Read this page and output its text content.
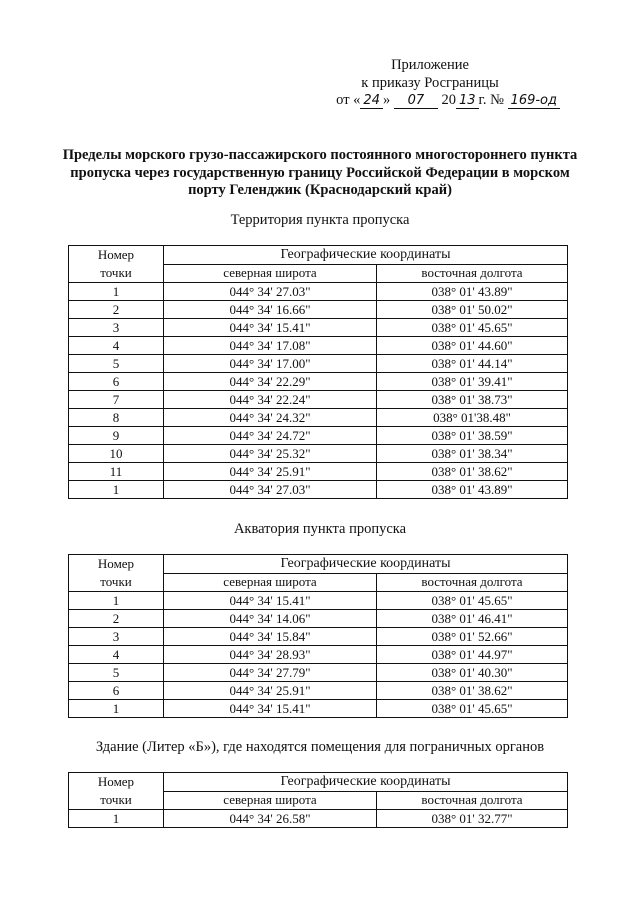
Приложение
к приказу Росграницы
от « 24 » 07 20 13 г. № 169-од
Пределы морского грузо-пассажирского постоянного многостороннего пункта пропуска через государственную границу Российской Федерации в морском порту Геленджик (Краснодарский край)
Территория пункта пропуска
Номер
точки	Географические координаты	
	северная широта	восточная долгота
1	044° 34' 27.03"	038° 01' 43.89"
2	044° 34' 16.66"	038° 01' 50.02"
3	044° 34' 15.41"	038° 01' 45.65"
4	044° 34' 17.08"	038° 01' 44.60"
5	044° 34' 17.00"	038° 01' 44.14"
6	044° 34' 22.29"	038° 01' 39.41"
7	044° 34' 22.24"	038° 01' 38.73"
8	044° 34' 24.32"	038° 01'38.48"
9	044° 34' 24.72"	038° 01' 38.59"
10	044° 34' 25.32"	038° 01' 38.34"
11	044° 34' 25.91"	038° 01' 38.62"
1	044° 34' 27.03"	038° 01' 43.89"
Акватория пункта пропуска
Номер
точки	Географические координаты	
	северная широта	восточная долгота
1	044° 34' 15.41"	038° 01' 45.65"
2	044° 34' 14.06"	038° 01' 46.41"
3	044° 34' 15.84"	038° 01' 52.66"
4	044° 34' 28.93"	038° 01' 44.97"
5	044° 34' 27.79"	038° 01' 40.30"
6	044° 34' 25.91"	038° 01' 38.62"
1	044° 34' 15.41"	038° 01' 45.65"
Здание (Литер «Б»), где находятся помещения для пограничных органов
Номер
точки	Географические координаты	
	северная широта	восточная долгота
1	044° 34' 26.58"	038° 01' 32.77"
